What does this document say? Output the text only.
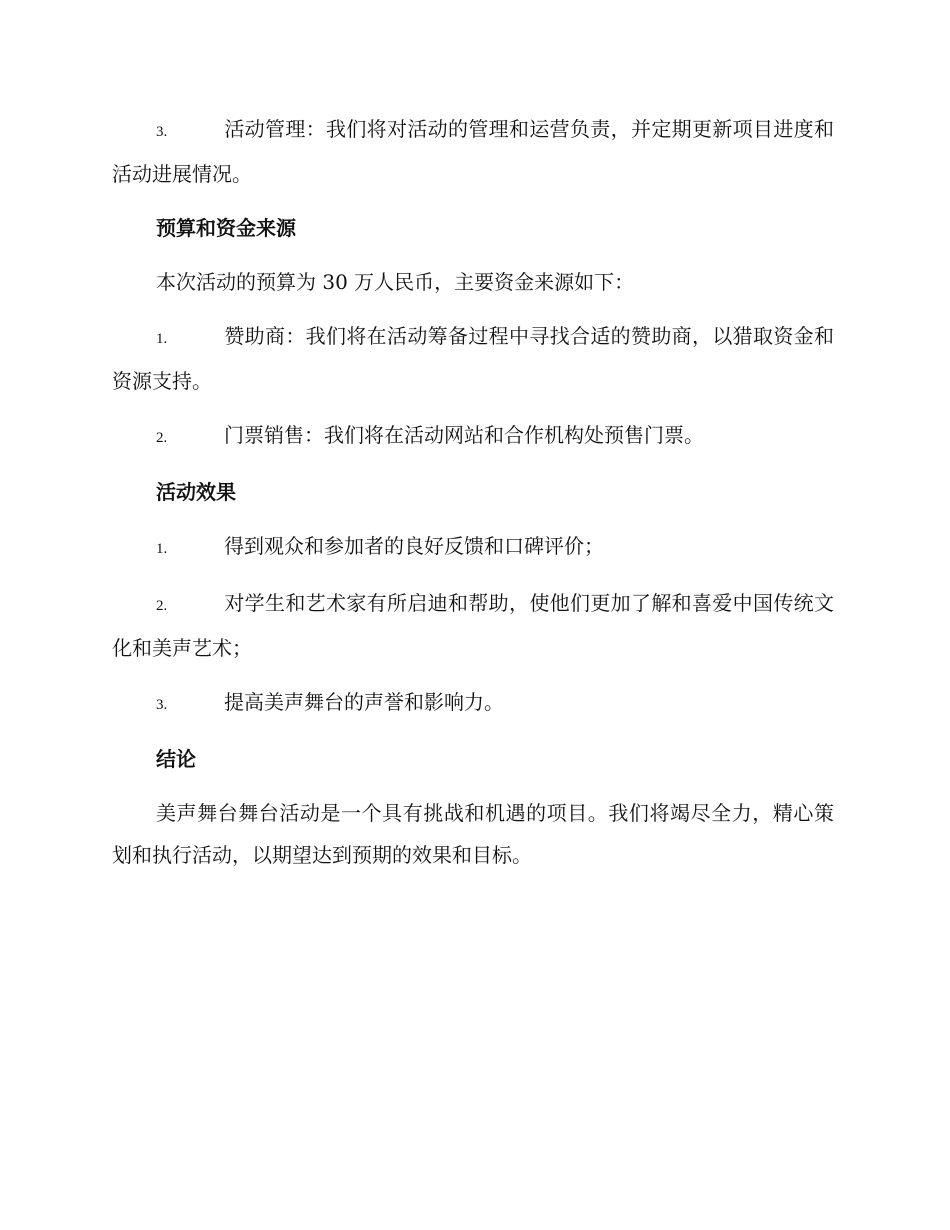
3.	活动管理：我们将对活动的管理和运营负责，并定期更新项目进度和活动进展情况。

预算和资金来源

本次活动的预算为 30 万人民币，主要资金来源如下：

1.	赞助商：我们将在活动筹备过程中寻找合适的赞助商，以猎取资金和资源支持。

2.	门票销售：我们将在活动网站和合作机构处预售门票。

活动效果

1.	得到观众和参加者的良好反馈和口碑评价；

2.	对学生和艺术家有所启迪和帮助，使他们更加了解和喜爱中国传统文化和美声艺术；

3.	提高美声舞台的声誉和影响力。

结论

美声舞台舞台活动是一个具有挑战和机遇的项目。我们将竭尽全力，精心策划和执行活动，以期望达到预期的效果和目标。
